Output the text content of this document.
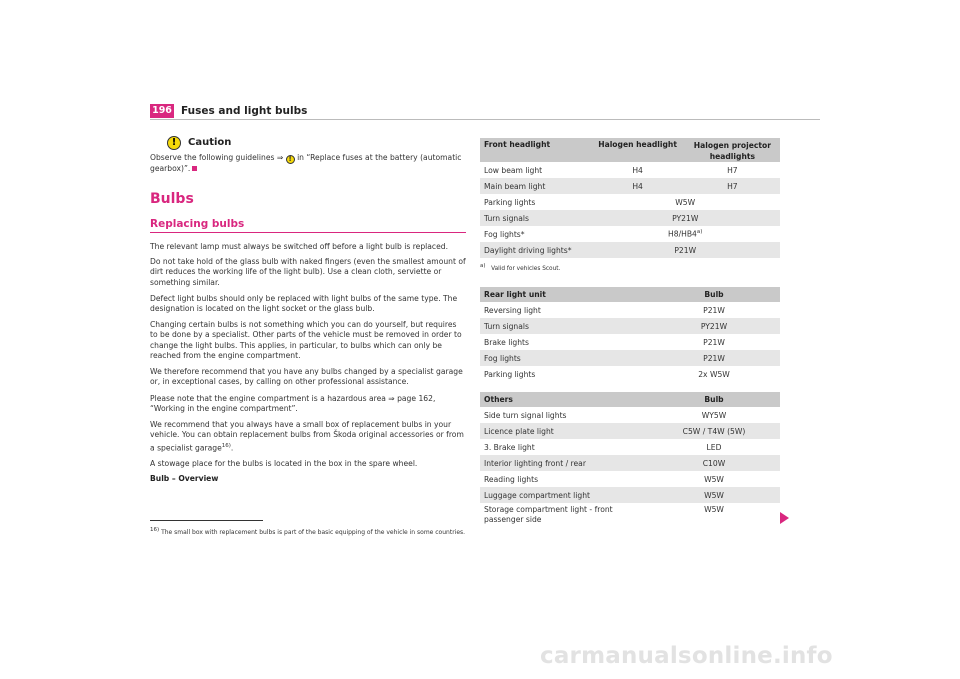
196 Fuses and light bulbs
!	Caution
Observe the following guidelines ⇒ ! in “Replace fuses at the battery (automatic gearbox)”.
Bulbs
Replacing bulbs
The relevant lamp must always be switched off before a light bulb is replaced.
Do not take hold of the glass bulb with naked fingers (even the smallest amount of dirt reduces the working life of the light bulb). Use a clean cloth, serviette or something similar.
Defect light bulbs should only be replaced with light bulbs of the same type. The designation is located on the light socket or the glass bulb.
Changing certain bulbs is not something which you can do yourself, but requires to be done by a specialist. Other parts of the vehicle must be removed in order to change the light bulbs. This applies, in particular, to bulbs which can only be reached from the engine compartment.
We therefore recommend that you have any bulbs changed by a specialist garage or, in exceptional cases, by calling on other professional assistance.
Please note that the engine compartment is a hazardous area ⇒ page 162, “Working in the engine compartment”.
We recommend that you always have a small box of replacement bulbs in your vehicle. You can obtain replacement bulbs from Škoda original accessories or from a specialist garage$^{16)}$.
A stowage place for the bulbs is located in the box in the spare wheel.
Bulb – Overview
$^{16)}$ The small box with replacement bulbs is part of the basic equipping of the vehicle in some countries.
Front headlight	Halogen headlight	Halogen projector headlights
Low beam light	H4	H7
Main beam light	H4	H7
Parking lights	W5W	
Turn signals	PY21W	
Fog lights*	H8/HB4$^{a)}$
Daylight driving lights*	P21W	
$^{a)}$ Valid for vehicles Scout.
Rear light unit	Bulb
Reversing light	P21W
Turn signals	PY21W
Brake lights	P21W
Fog lights	P21W
Parking lights	2x W5W
Others	Bulb
Side turn signal lights	WY5W
Licence plate light	C5W / T4W (5W)
3. Brake light	LED
Interior lighting front / rear	C10W
Reading lights	W5W
Luggage compartment light	W5W
Storage compartment light - front passenger side	W5W
carmanualsonline.info
